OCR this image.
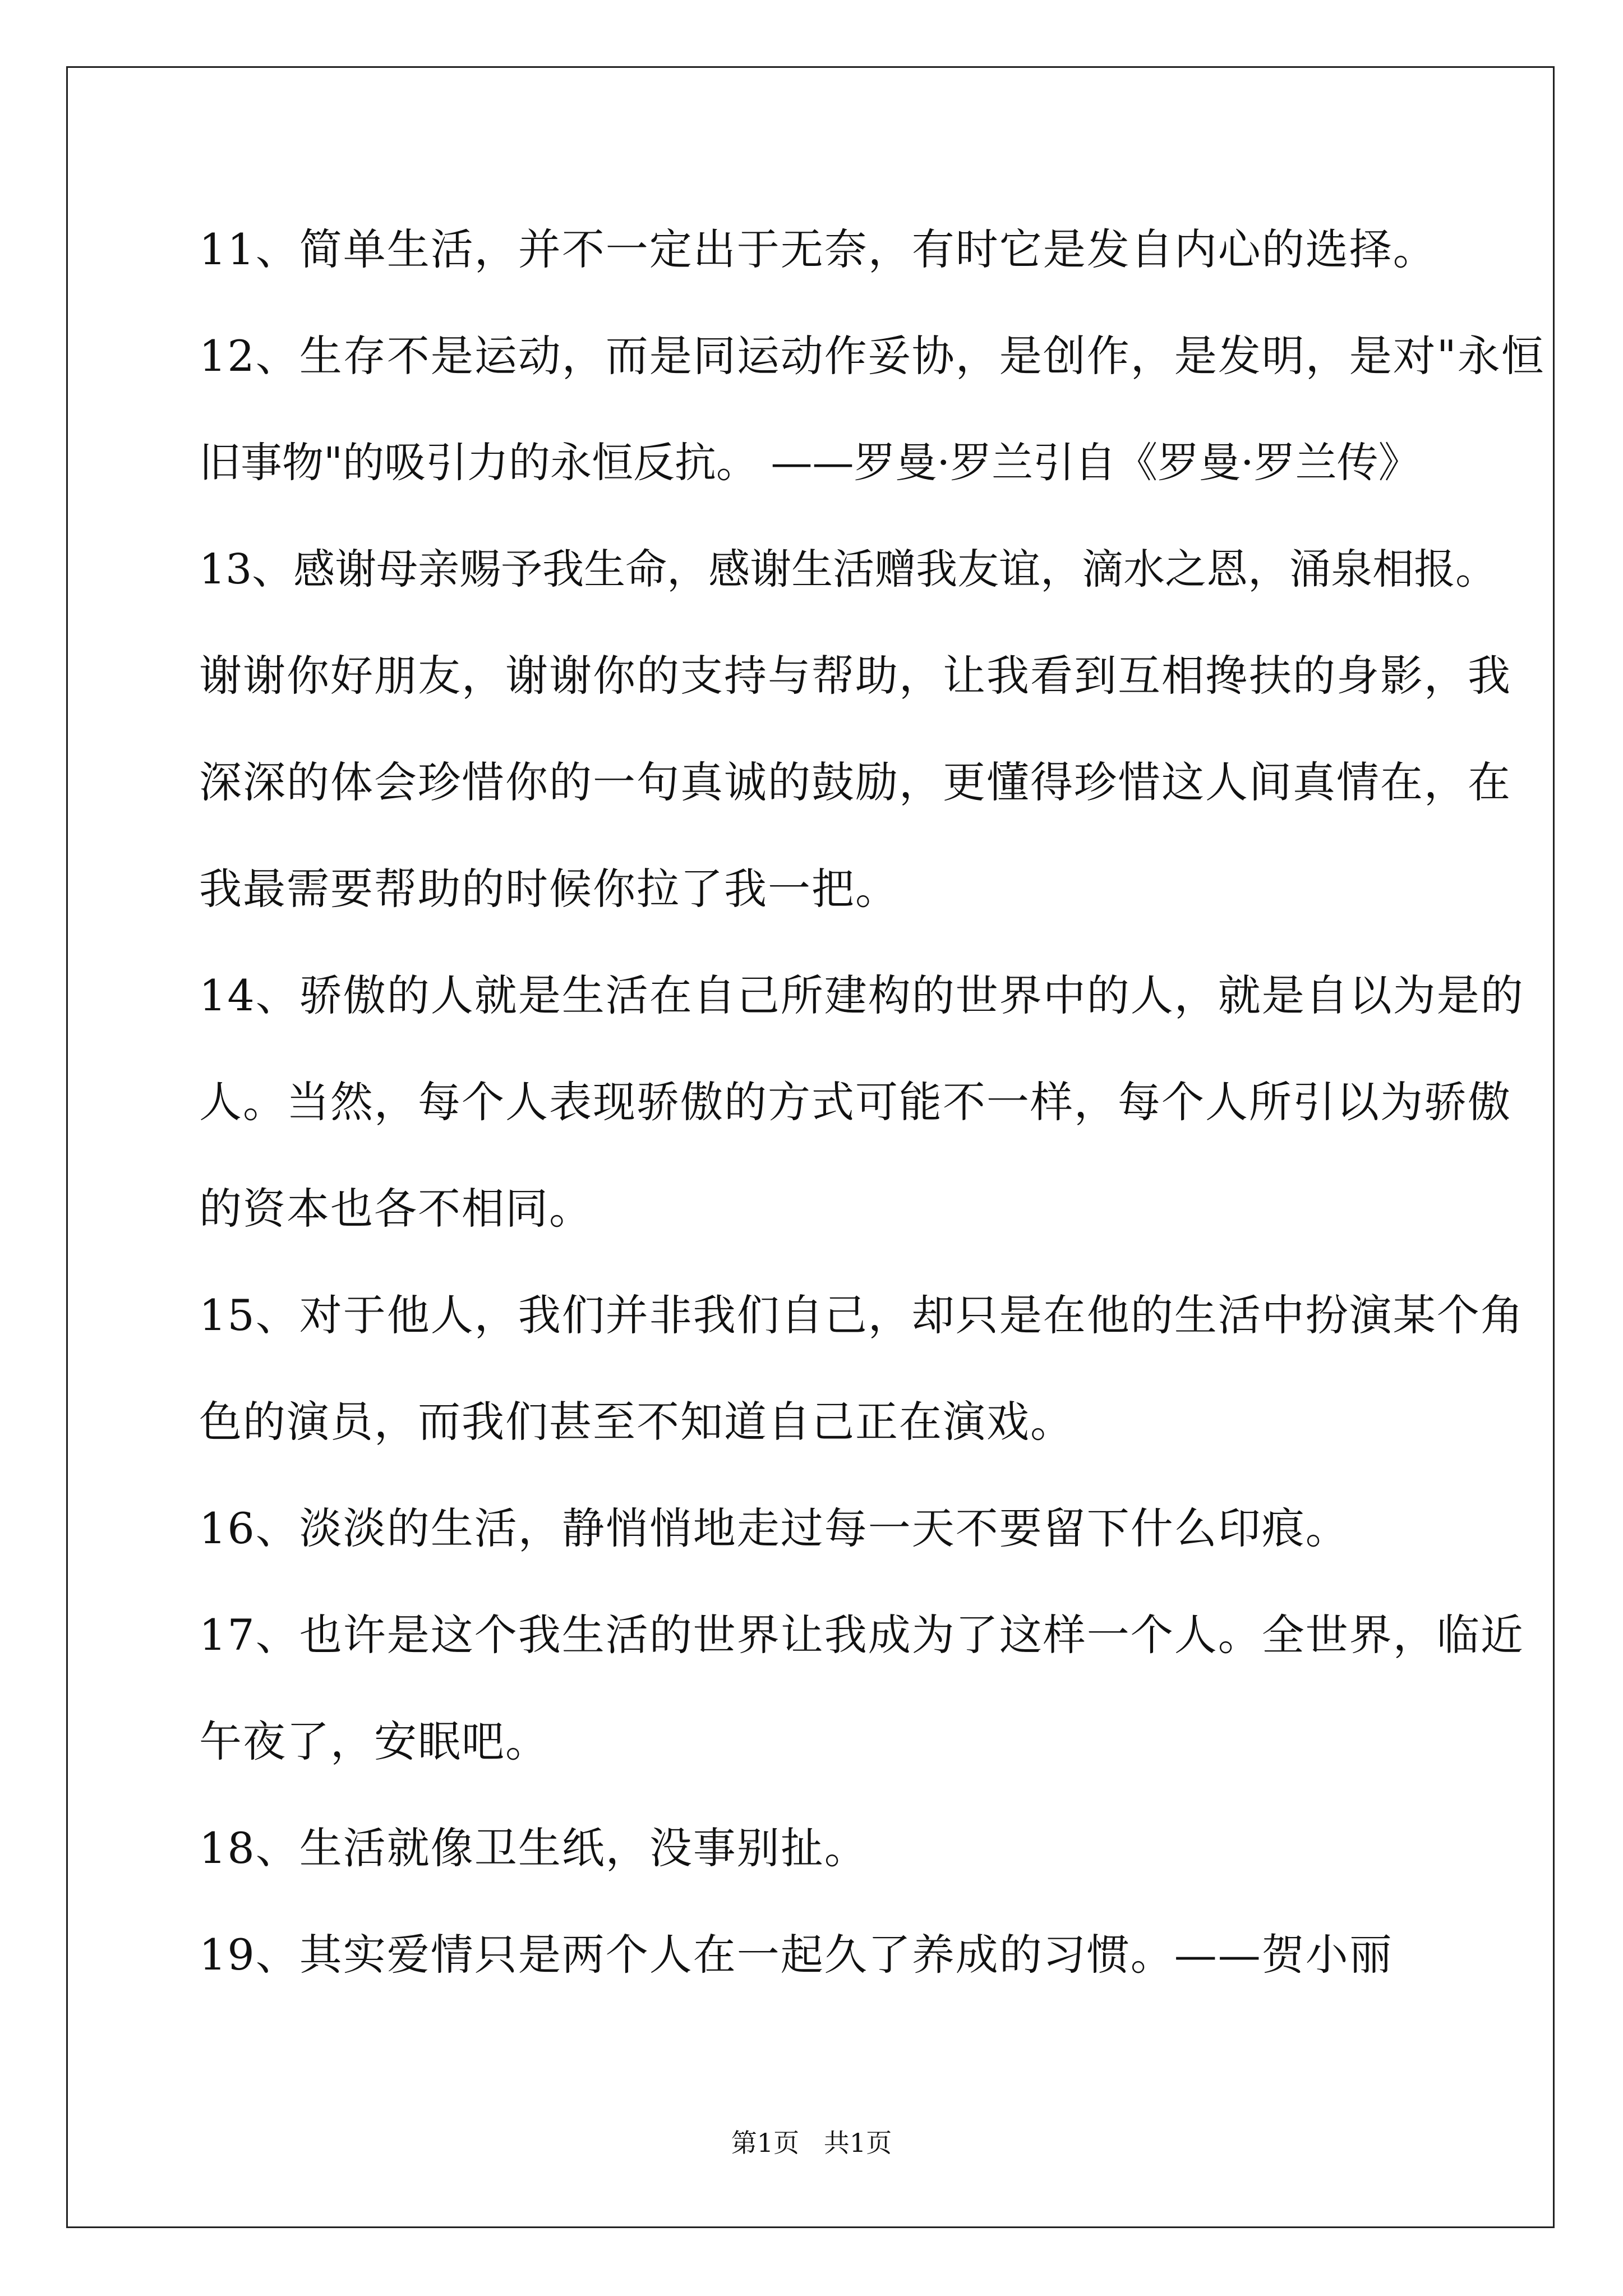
11、简单生活，并不一定出于无奈，有时它是发自内心的选择。
12、生存不是运动，而是同运动作妥协，是创作，是发明，是对"永恒
旧事物"的吸引力的永恒反抗。 ——罗曼·罗兰引自《罗曼·罗兰传》
13、感谢母亲赐予我生命，感谢生活赠我友谊，滴水之恩，涌泉相报。
谢谢你好朋友，谢谢你的支持与帮助，让我看到互相搀扶的身影，我
深深的体会珍惜你的一句真诚的鼓励，更懂得珍惜这人间真情在，在
我最需要帮助的时候你拉了我一把。
14、骄傲的人就是生活在自己所建构的世界中的人，就是自以为是的
人。当然，每个人表现骄傲的方式可能不一样，每个人所引以为骄傲
的资本也各不相同。
15、对于他人，我们并非我们自己，却只是在他的生活中扮演某个角
色的演员，而我们甚至不知道自己正在演戏。
16、淡淡的生活，静悄悄地走过每一天不要留下什么印痕。
17、也许是这个我生活的世界让我成为了这样一个人。全世界，临近
午夜了，安眠吧。
18、生活就像卫生纸，没事别扯。
19、其实爱情只是两个人在一起久了养成的习惯。——贺小丽
第1页   共1页
